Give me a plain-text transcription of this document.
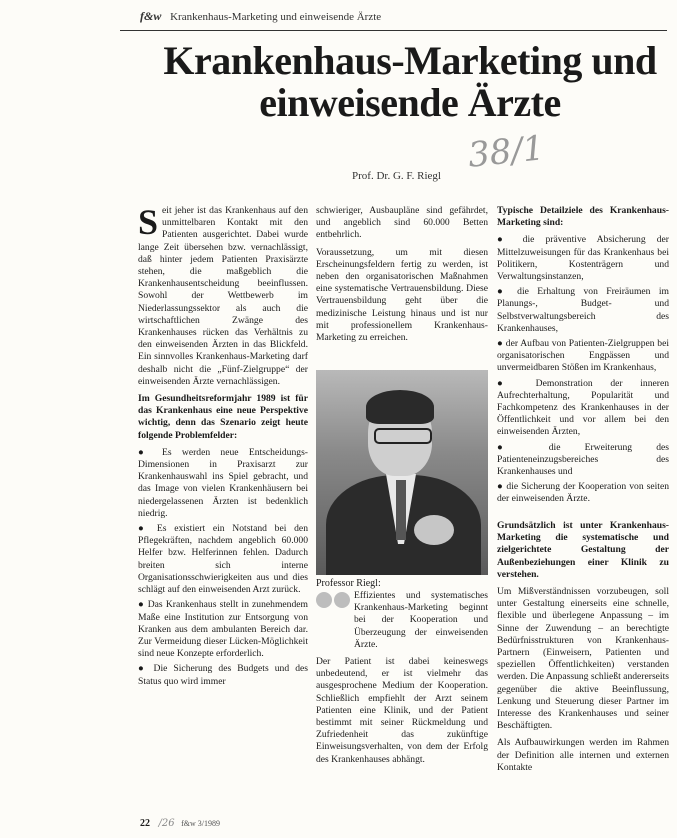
f&w Krankenhaus-Marketing und einweisende Ärzte
Krankenhaus-Marketing und einweisende Ärzte
38/1
Prof. Dr. G. F. Riegl

Seit jeher ist das Krankenhaus auf den unmittelbaren Kontakt mit den Patienten ausgerichtet. Dabei wurde lange Zeit übersehen bzw. vernachlässigt, daß hinter jedem Patienten Praxisärzte stehen, die maßgeblich die Krankenhausentscheidung beeinflussen. Sowohl der Wettbewerb im Niederlassungssektor als auch die wirtschaftlichen Zwänge des Krankenhauses rücken das Verhältnis zu den einweisenden Ärzten in das Blickfeld. Ein sinnvolles Krankenhaus-Marketing darf deshalb nicht die „Fünf-Zielgruppe“ der einweisenden Ärzte vernachlässigen.

Im Gesundheitsreformjahr 1989 ist für das Krankenhaus eine neue Perspektive wichtig, denn das Szenario zeigt heute folgende Problemfelder:

● Es werden neue Entscheidungs-Dimensionen in Praxisarzt zur Krankenhauswahl ins Spiel gebracht, und das Image von vielen Krankenhäusern bei niedergelassenen Ärzten ist bedenklich niedrig.
● Es existiert ein Notstand bei den Pflegekräften, nachdem angeblich 60.000 Helfer bzw. Helferinnen fehlen. Dadurch breiten sich interne Organisationsschwierigkeiten aus und dies schlägt auf den einweisenden Arzt zurück.
● Das Krankenhaus stellt in zunehmendem Maße eine Institution zur Entsorgung von Kranken aus dem ambulanten Bereich dar. Zur Vermeidung dieser Lücken-Möglichkeit sind neue Konzepte erforderlich.
● Die Sicherung des Budgets und des Status quo wird immer

schwieriger, Ausbaupläne sind gefährdet, und angeblich sind 60.000 Betten entbehrlich.

Voraussetzung, um mit diesen Erscheinungsfeldern fertig zu werden, ist neben den organisatorischen Maßnahmen eine systematische Vertrauensbildung. Diese Vertrauensbildung geht über die medizinische Leistung hinaus und ist nur mit professionellem Krankenhaus-Marketing zu erreichen.

Professor Riegl:

Effizientes und systematisches Krankenhaus-Marketing beginnt bei der Kooperation und Überzeugung der einweisenden Ärzte.

Der Patient ist dabei keineswegs unbedeutend, er ist vielmehr das ausgesprochene Medium der Kooperation. Schließlich empfiehlt der Arzt seinem Patienten eine Klinik, und der Patient bestimmt mit seiner Rückmeldung und Zufriedenheit das zukünftige Einweisungsverhalten, von dem der Erfolg des Krankenhauses abhängt.

Typische Detailziele des Krankenhaus-Marketing sind:

● die präventive Absicherung der Mittelzuweisungen für das Krankenhaus bei Politikern, Kostenträgern und Verwaltungsinstanzen,
● die Erhaltung von Freiräumen im Planungs-, Budget- und Selbstverwaltungsbereich des Krankenhauses,
● der Aufbau von Patienten-Zielgruppen bei organisatorischen Engpässen und unvermeidbaren Stößen im Krankenhaus,
● Demonstration der inneren Aufrechterhaltung, Popularität und Fachkompetenz des Krankenhauses in der Öffentlichkeit und vor allem bei den einweisenden Ärzten,
● die Erweiterung des Patienteneinzugsbereiches des Krankenhauses und
● die Sicherung der Kooperation von seiten der einweisenden Ärzte.

Grundsätzlich ist unter Krankenhaus-Marketing die systematische und zielgerichtete Gestaltung der Außenbeziehungen einer Klinik zu verstehen.

Um Mißverständnissen vorzubeugen, soll unter Gestaltung einerseits eine schnelle, flexible und überlegene Anpassung – im Sinne der Zuwendung – an berechtigte Bedürfnisstrukturen von Krankenhaus-Partnern (Einweisern, Patienten und speziellen Öffentlichkeiten) verstanden werden. Die Anpassung schließt andererseits gegenüber die aktive Beeinflussung, Lenkung und Steuerung dieser Partner im Interesse des Krankenhauses und seiner Beschäftigten.

Als Aufbauwirkungen werden im Rahmen der Definition alle internen und externen Kontakte

22 /26 f&w 3/1989
